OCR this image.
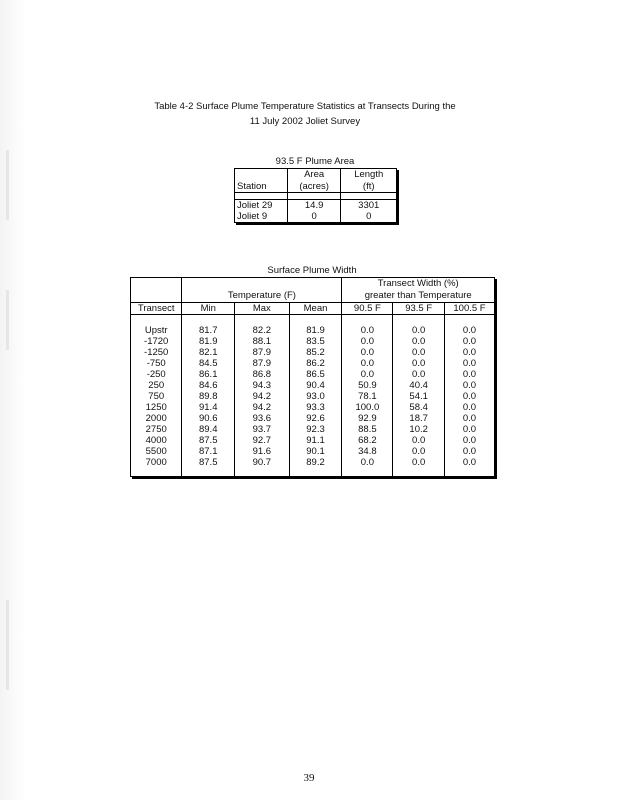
Table 4-2 Surface Plume Temperature Statistics at Transects During the
11 July 2002 Joliet Survey
93.5 F Plume Area
	Area	Length
Station	(acres)	(ft)

Joliet 29	14.9	3301
Joliet 9	0	0
Surface Plume Width
				Transect Width (%)		
	Temperature (F)			greater than Temperature		
Transect	Min	Max	Mean	90.5 F	93.5 F	100.5 F

Upstr	81.7	82.2	81.9	0.0	0.0	0.0
-1720	81.9	88.1	83.5	0.0	0.0	0.0
-1250	82.1	87.9	85.2	0.0	0.0	0.0
-750	84.5	87.9	86.2	0.0	0.0	0.0
-250	86.1	86.8	86.5	0.0	0.0	0.0
250	84.6	94.3	90.4	50.9	40.4	0.0
750	89.8	94.2	93.0	78.1	54.1	0.0
1250	91.4	94.2	93.3	100.0	58.4	0.0
2000	90.6	93.6	92.6	92.9	18.7	0.0
2750	89.4	93.7	92.3	88.5	10.2	0.0
4000	87.5	92.7	91.1	68.2	0.0	0.0
5500	87.1	91.6	90.1	34.8	0.0	0.0
7000	87.5	90.7	89.2	0.0	0.0	0.0

39
